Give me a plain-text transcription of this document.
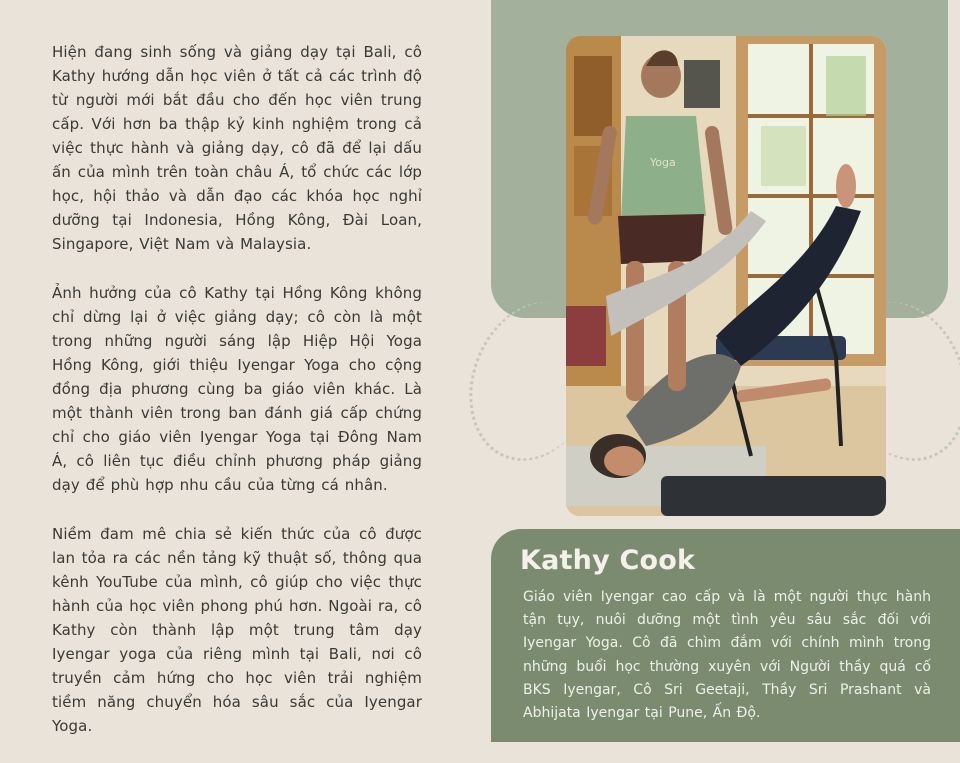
Hiện đang sinh sống và giảng dạy tại Bali, cô Kathy hướng dẫn học viên ở tất cả các trình độ từ người mới bắt đầu cho đến học viên trung cấp. Với hơn ba thập kỷ kinh nghiệm trong cả việc thực hành và giảng dạy, cô đã để lại dấu ấn của mình trên toàn châu Á, tổ chức các lớp học, hội thảo và dẫn đạo các khóa học nghỉ dưỡng tại Indonesia, Hồng Kông, Đài Loan, Singapore, Việt Nam và Malaysia.

Ảnh hưởng của cô Kathy tại Hồng Kông không chỉ dừng lại ở việc giảng dạy; cô còn là một trong những người sáng lập Hiệp Hội Yoga Hồng Kông, giới thiệu Iyengar Yoga cho cộng đồng địa phương cùng ba giáo viên khác. Là một thành viên trong ban đánh giá cấp chứng chỉ cho giáo viên Iyengar Yoga tại Đông Nam Á, cô liên tục điều chỉnh phương pháp giảng dạy để phù hợp nhu cầu của từng cá nhân.

Niềm đam mê chia sẻ kiến thức của cô được lan tỏa ra các nền tảng kỹ thuật số, thông qua kênh YouTube của mình, cô giúp cho việc thực hành của học viên phong phú hơn. Ngoài ra, cô Kathy còn thành lập một trung tâm dạy Iyengar yoga của riêng mình tại Bali, nơi cô truyền cảm hứng cho học viên trải nghiệm tiềm năng chuyển hóa sâu sắc của Iyengar Yoga.

Yoga
Kathy Cook

Giáo viên Iyengar cao cấp và là một người thực hành tận tụy, nuôi dưỡng một tình yêu sâu sắc đối với Iyengar Yoga. Cô đã chìm đắm với chính mình trong những buổi học thường xuyên với Người thầy quá cố BKS Iyengar, Cô Sri Geetaji, Thầy Sri Prashant và Abhijata Iyengar tại Pune, Ấn Độ.
